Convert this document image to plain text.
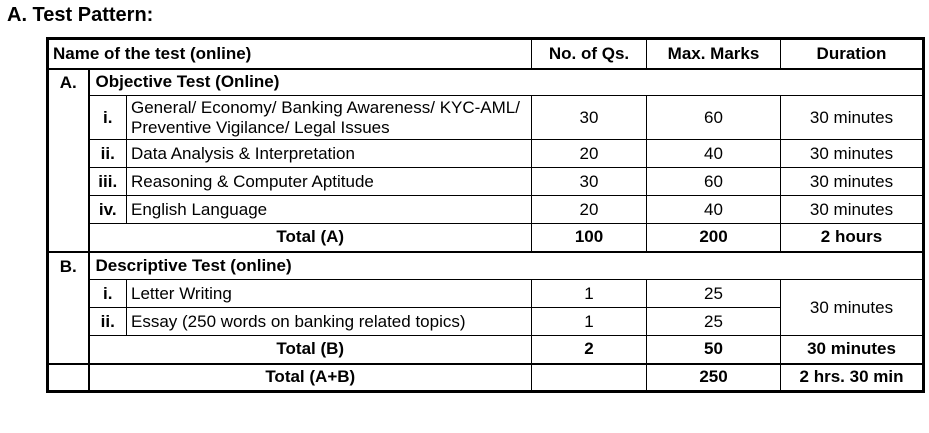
A. Test Pattern:
Name of the test (online)			No. of Qs.	Max. Marks	Duration
A.	Objective Test (Online)				
	i.	General/ Economy/ Banking Awareness/ KYC-AML/ Preventive Vigilance/ Legal Issues	30	60	30 minutes
	ii.	Data Analysis & Interpretation	20	40	30 minutes
	iii.	Reasoning & Computer Aptitude	30	60	30 minutes
	iv.	English Language	20	40	30 minutes
	Total (A)		100	200	2 hours
B.	Descriptive Test (online)				
	i.	Letter Writing	1	25	30 minutes
	ii.	Essay (250 words on banking related topics)	1	25	
	Total (B)		2	50	30 minutes
	Total (A+B)			250	2 hrs. 30 min
